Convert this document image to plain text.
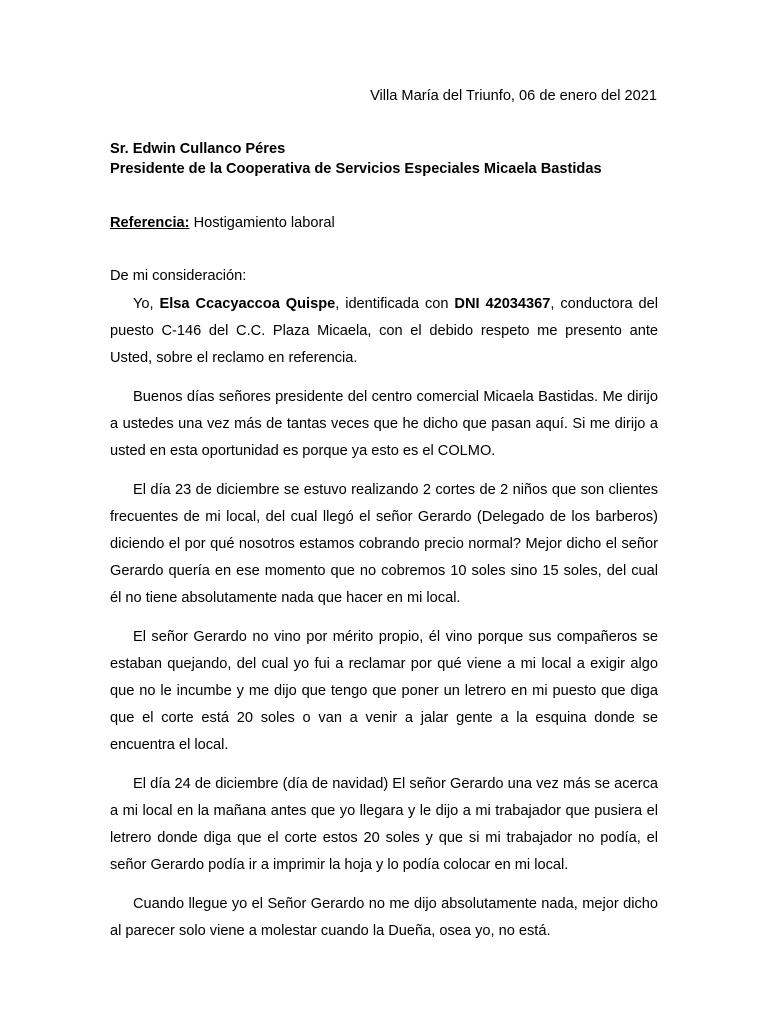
Villa María del Triunfo, 06 de enero del 2021
Sr. Edwin Cullanco Péres
Presidente de la Cooperativa de Servicios Especiales Micaela Bastidas
Referencia: Hostigamiento laboral
De mi consideración:

Yo, Elsa Ccacyaccoa Quispe, identificada con DNI 42034367, conductora del puesto C-146 del C.C. Plaza Micaela, con el debido respeto me presento ante Usted, sobre el reclamo en referencia.

Buenos días señores presidente del centro comercial Micaela Bastidas. Me dirijo a ustedes una vez más de tantas veces que he dicho que pasan aquí. Si me dirijo a usted en esta oportunidad es porque ya esto es el COLMO.

El día 23 de diciembre se estuvo realizando 2 cortes de 2 niños que son clientes frecuentes de mi local, del cual llegó el señor Gerardo (Delegado de los barberos) diciendo el por qué nosotros estamos cobrando precio normal? Mejor dicho el señor Gerardo quería en ese momento que no cobremos 10 soles sino 15 soles, del cual él no tiene absolutamente nada que hacer en mi local.

El señor Gerardo no vino por mérito propio, él vino porque sus compañeros se estaban quejando, del cual yo fui a reclamar por qué viene a mi local a exigir algo que no le incumbe y me dijo que tengo que poner un letrero en mi puesto que diga que el corte está 20 soles o van a venir a jalar gente a la esquina donde se encuentra el local.

El día 24 de diciembre (día de navidad) El señor Gerardo una vez más se acerca a mi local en la mañana antes que yo llegara y le dijo a mi trabajador que pusiera el letrero donde diga que el corte estos 20 soles y que si mi trabajador no podía, el señor Gerardo podía ir a imprimir la hoja y lo podía colocar en mi local.

Cuando llegue yo el Señor Gerardo no me dijo absolutamente nada, mejor dicho al parecer solo viene a molestar cuando la Dueña, osea yo, no está.
